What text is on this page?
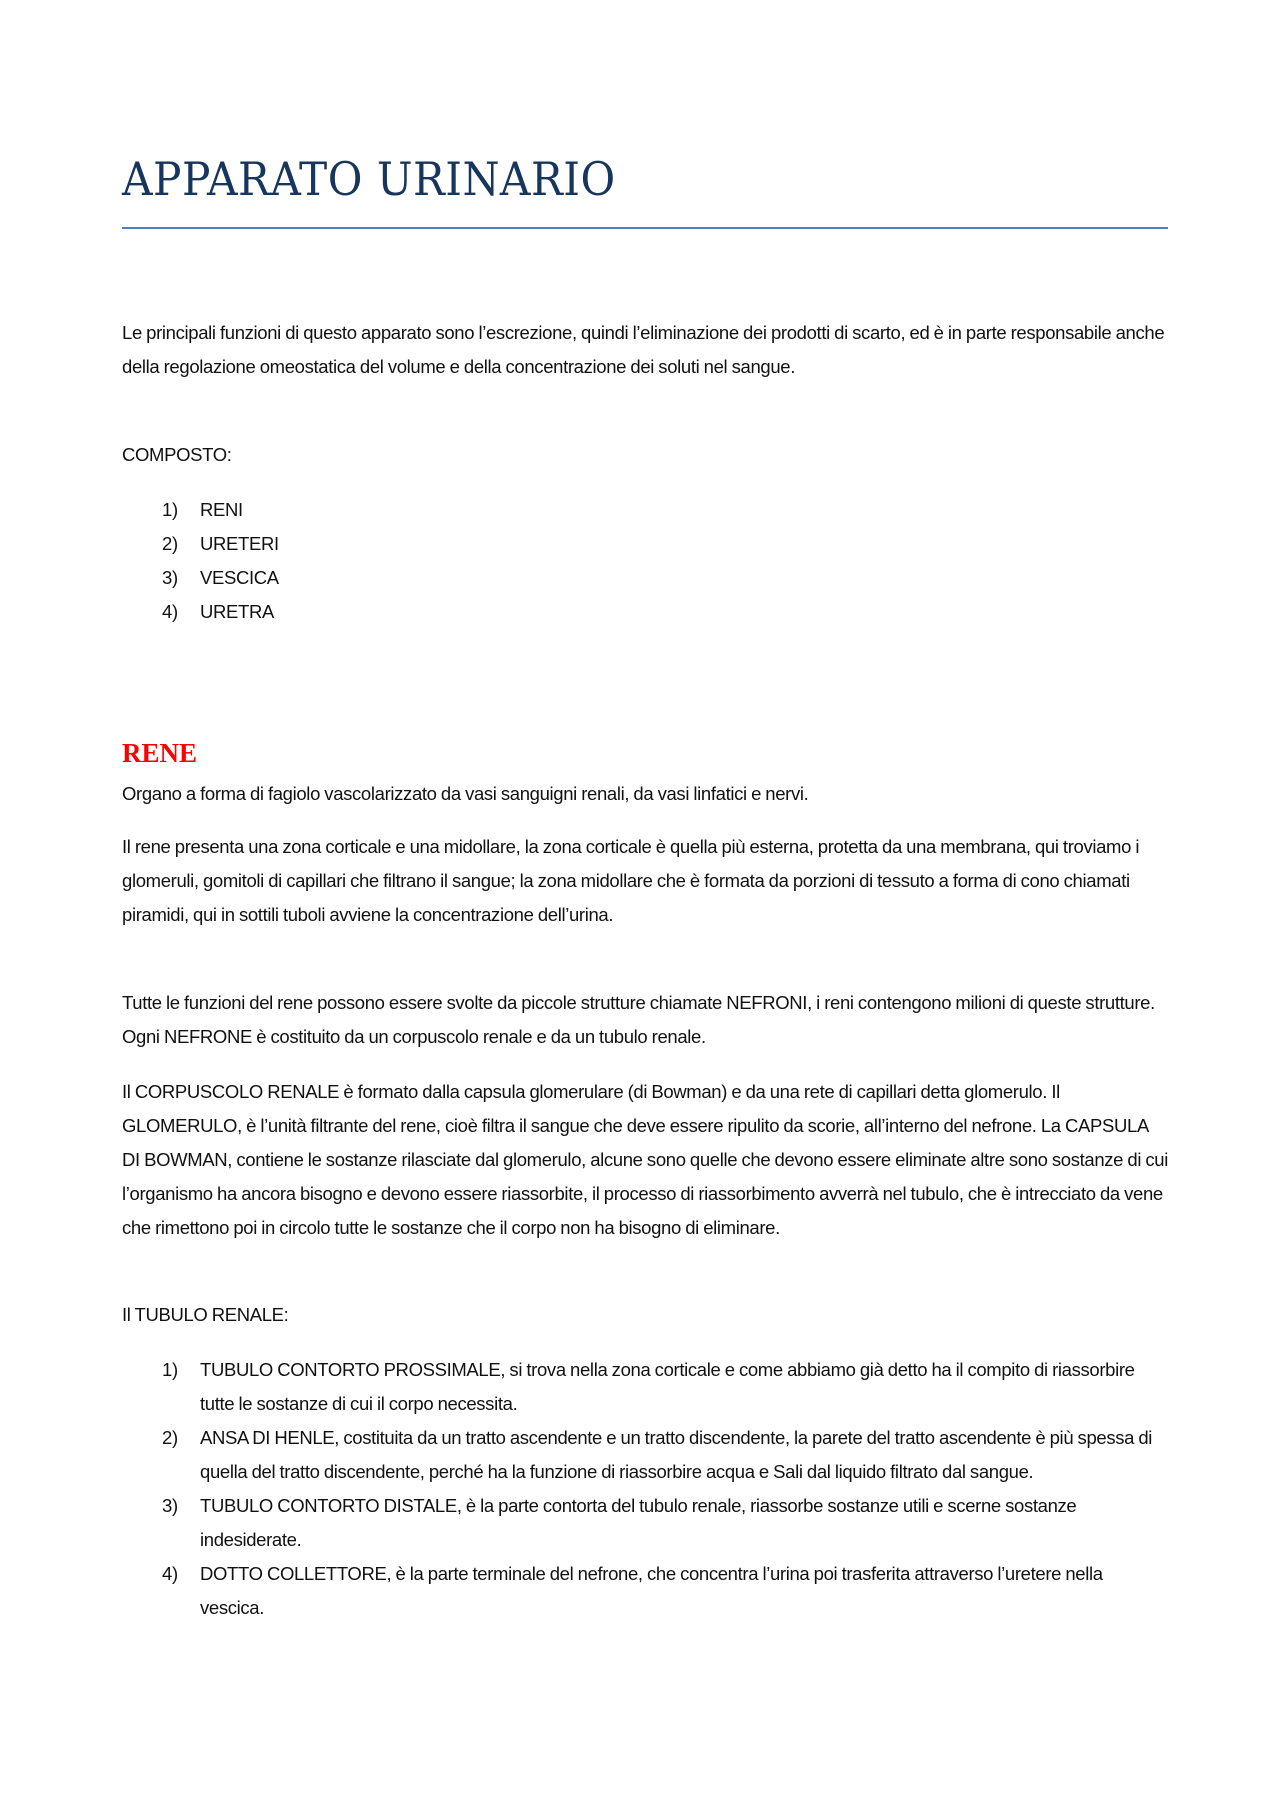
APPARATO URINARIO

Le principali funzioni di questo apparato sono l’escrezione, quindi l’eliminazione dei prodotti di scarto, ed è in parte responsabile anche della regolazione omeostatica del volume e della concentrazione dei soluti nel sangue.

COMPOSTO:

1) RENI
2) URETERI
3) VESCICA
4) URETRA
RENE

Organo a forma di fagiolo vascolarizzato da vasi sanguigni renali, da vasi linfatici e nervi.

Il rene presenta una zona corticale e una midollare, la zona corticale è quella più esterna, protetta da una membrana, qui troviamo i glomeruli, gomitoli di capillari che filtrano il sangue; la zona midollare che è formata da porzioni di tessuto a forma di cono chiamati piramidi, qui in sottili tuboli avviene la concentrazione dell’urina.

Tutte le funzioni del rene possono essere svolte da piccole strutture chiamate NEFRONI, i reni contengono milioni di queste strutture. Ogni NEFRONE è costituito da un corpuscolo renale e da un tubulo renale.

Il CORPUSCOLO RENALE è formato dalla capsula glomerulare (di Bowman) e da una rete di capillari detta glomerulo. Il GLOMERULO, è l’unità filtrante del rene, cioè filtra il sangue che deve essere ripulito da scorie, all’interno del nefrone. La CAPSULA DI BOWMAN, contiene le sostanze rilasciate dal glomerulo, alcune sono quelle che devono essere eliminate altre sono sostanze di cui l’organismo ha ancora bisogno e devono essere riassorbite, il processo di riassorbimento avverrà nel tubulo, che è intrecciato da vene che rimettono poi in circolo tutte le sostanze che il corpo non ha bisogno di eliminare.

Il TUBULO RENALE:

1) TUBULO CONTORTO PROSSIMALE, si trova nella zona corticale e come abbiamo già detto ha il compito di riassorbire tutte le sostanze di cui il corpo necessita.
2) ANSA DI HENLE, costituita da un tratto ascendente e un tratto discendente, la parete del tratto ascendente è più spessa di quella del tratto discendente, perché ha la funzione di riassorbire acqua e Sali dal liquido filtrato dal sangue.
3) TUBULO CONTORTO DISTALE, è la parte contorta del tubulo renale, riassorbe sostanze utili e scerne sostanze indesiderate.
4) DOTTO COLLETTORE, è la parte terminale del nefrone, che concentra l’urina poi trasferita attraverso l’uretere nella vescica.
